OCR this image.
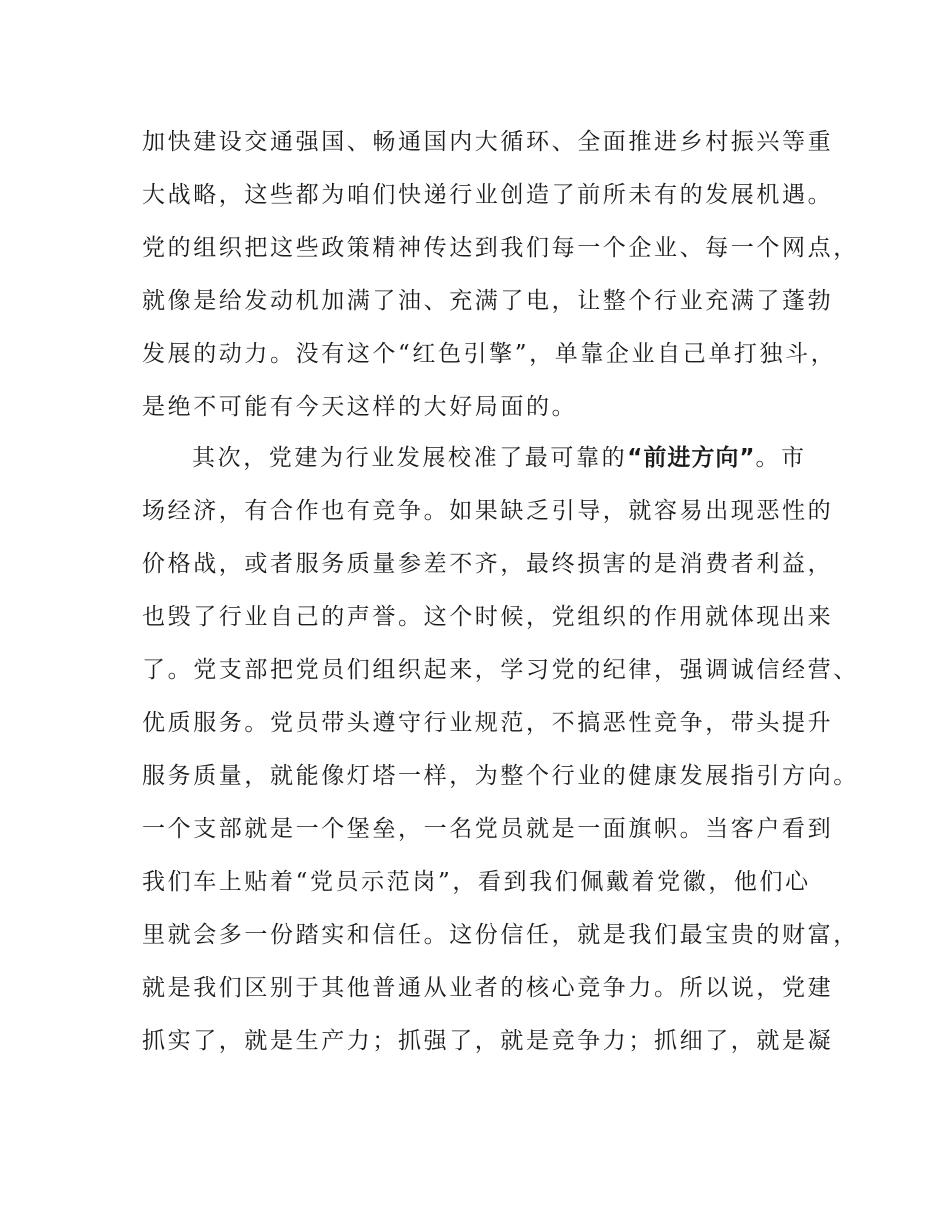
加快建设交通强国、畅通国内大循环、全面推进乡村振兴等重
大战略，这些都为咱们快递行业创造了前所未有的发展机遇。
党的组织把这些政策精神传达到我们每一个企业、每一个网点，
就像是给发动机加满了油、充满了电，让整个行业充满了蓬勃
发展的动力。没有这个“红色引擎”，单靠企业自己单打独斗，
是绝不可能有今天这样的大好局面的。
其次，党建为行业发展校准了最可靠的“前进方向”。市
场经济，有合作也有竞争。如果缺乏引导，就容易出现恶性的
价格战，或者服务质量参差不齐，最终损害的是消费者利益，
也毁了行业自己的声誉。这个时候，党组织的作用就体现出来
了。党支部把党员们组织起来，学习党的纪律，强调诚信经营、
优质服务。党员带头遵守行业规范，不搞恶性竞争，带头提升
服务质量，就能像灯塔一样，为整个行业的健康发展指引方向。
一个支部就是一个堡垒，一名党员就是一面旗帜。当客户看到
我们车上贴着“党员示范岗”，看到我们佩戴着党徽，他们心
里就会多一份踏实和信任。这份信任，就是我们最宝贵的财富，
就是我们区别于其他普通从业者的核心竞争力。所以说，党建
抓实了，就是生产力；抓强了，就是竞争力；抓细了，就是凝
